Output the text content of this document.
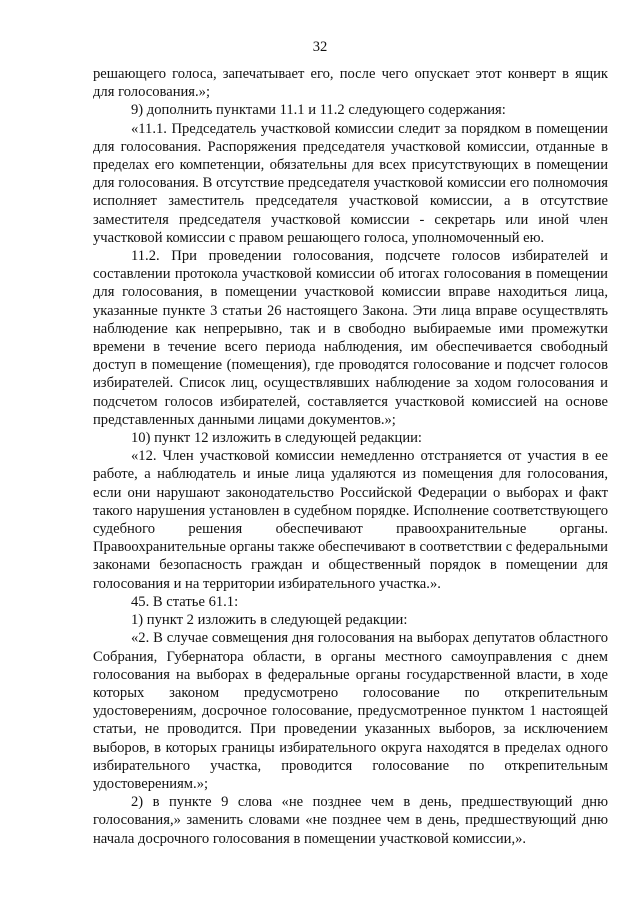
32

решающего голоса, запечатывает его, после чего опускает этот конверт в ящик для голосования.»;

9) дополнить пунктами 11.1 и 11.2 следующего содержания:

«11.1. Председатель участковой комиссии следит за порядком в помещении для голосования. Распоряжения председателя участковой комиссии, отданные в пределах его компетенции, обязательны для всех присутствующих в помещении для голосования. В отсутствие председателя участковой комиссии его полномочия исполняет заместитель председателя участковой комиссии, а в отсутствие заместителя председателя участковой комиссии - секретарь или иной член участковой комиссии с правом решающего голоса, уполномоченный ею.

11.2. При проведении голосования, подсчете голосов избирателей и составлении протокола участковой комиссии об итогах голосования в помещении для голосования, в помещении участковой комиссии вправе находиться лица, указанные пункте 3 статьи 26 настоящего Закона. Эти лица вправе осуществлять наблюдение как непрерывно, так и в свободно выбираемые ими промежутки времени в течение всего периода наблюдения, им обеспечивается свободный доступ в помещение (помещения), где проводятся голосование и подсчет голосов избирателей. Список лиц, осуществлявших наблюдение за ходом голосования и подсчетом голосов избирателей, составляется участковой комиссией на основе представленных данными лицами документов.»;

10) пункт 12 изложить в следующей редакции:

«12. Член участковой комиссии немедленно отстраняется от участия в ее работе, а наблюдатель и иные лица удаляются из помещения для голосования, если они нарушают законодательство Российской Федерации о выборах и факт такого нарушения установлен в судебном порядке. Исполнение соответствующего судебного решения обеспечивают правоохранительные органы. Правоохранительные органы также обеспечивают в соответствии с федеральными законами безопасность граждан и общественный порядок в помещении для голосования и на территории избирательного участка.».

45. В статье 61.1:

1) пункт 2 изложить в следующей редакции:

«2. В случае совмещения дня голосования на выборах депутатов областного Собрания, Губернатора области, в органы местного самоуправления с днем голосования на выборах в федеральные органы государственной власти, в ходе которых законом предусмотрено голосование по открепительным удостоверениям, досрочное голосование, предусмотренное пунктом 1 настоящей статьи, не проводится. При проведении указанных выборов, за исключением выборов, в которых границы избирательного округа находятся в пределах одного избирательного участка, проводится голосование по открепительным удостоверениям.»;

2) в пункте 9 слова «не позднее чем в день, предшествующий дню голосования,» заменить словами «не позднее чем в день, предшествующий дню начала досрочного голосования в помещении участковой комиссии,».
